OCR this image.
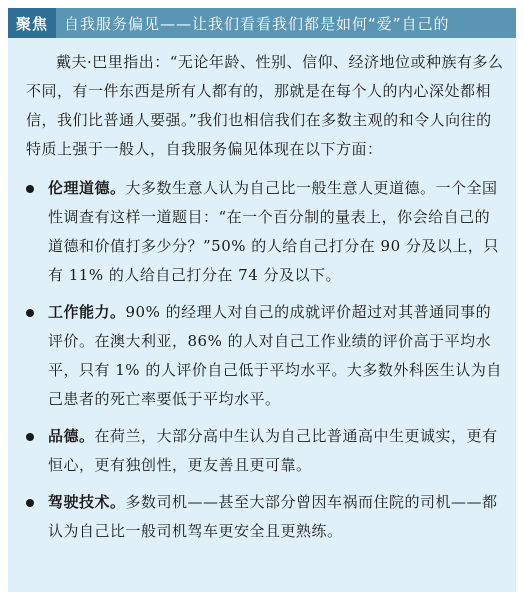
聚焦	自我服务偏见——让我们看看我们都是如何“爱”自己的

戴夫·巴里指出：“无论年龄、性别、信仰、经济地位或种族有多么不同，有一件东西是所有人都有的，那就是在每个人的内心深处都相信，我们比普通人要强。”我们也相信我们在多数主观的和令人向往的特质上强于一般人，自我服务偏见体现在以下方面：

伦理道德。大多数生意人认为自己比一般生意人更道德。一个全国性调查有这样一道题目：“在一个百分制的量表上，你会给自己的道德和价值打多少分？”50% 的人给自己打分在 90 分及以上，只有 11% 的人给自己打分在 74 分及以下。
工作能力。90% 的经理人对自己的成就评价超过对其普通同事的评价。在澳大利亚，86% 的人对自己工作业绩的评价高于平均水平，只有 1% 的人评价自己低于平均水平。大多数外科医生认为自己患者的死亡率要低于平均水平。
品德。在荷兰，大部分高中生认为自己比普通高中生更诚实，更有恒心，更有独创性，更友善且更可靠。
驾驶技术。多数司机——甚至大部分曾因车祸而住院的司机——都认为自己比一般司机驾车更安全且更熟练。
